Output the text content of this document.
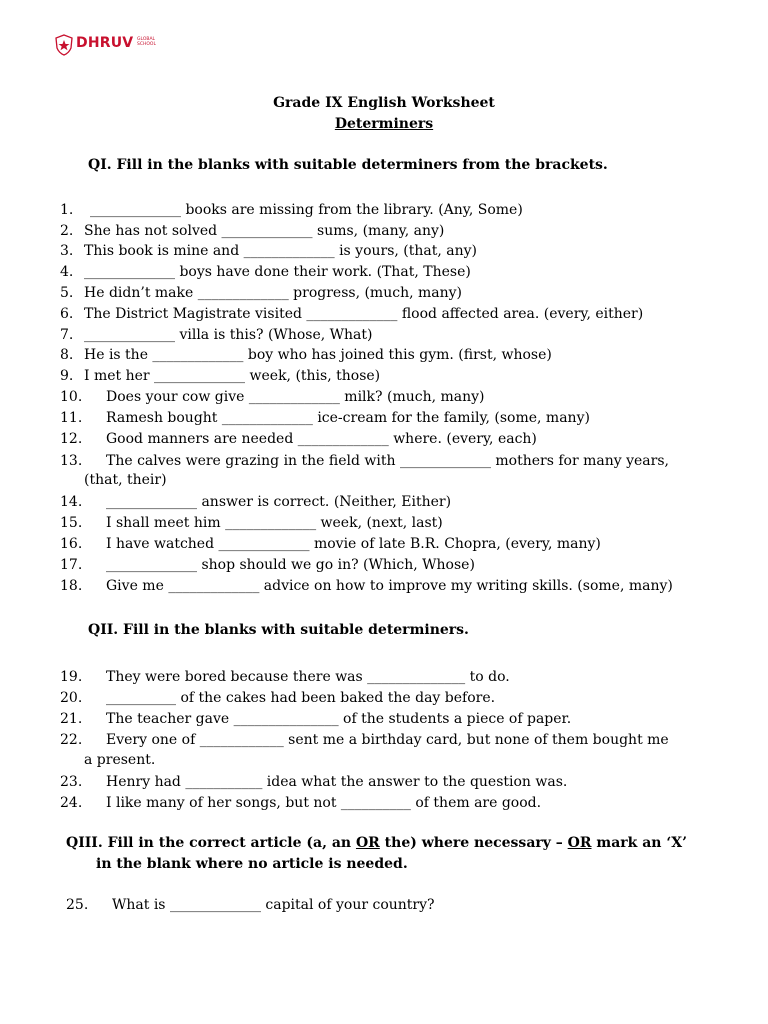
DHRUV GLOBAL SCHOOL
Grade IX English Worksheet
Determiners
QI. Fill in the blanks with suitable determiners from the brackets.
1. _____________ books are missing from the library. (Any, Some)
2. She has not solved _____________ sums, (many, any)
3. This book is mine and _____________ is yours, (that, any)
4. _____________ boys have done their work. (That, These)
5. He didn’t make _____________ progress, (much, many)
6. The District Magistrate visited _____________ flood affected area. (every, either)
7. _____________ villa is this? (Whose, What)
8. He is the _____________ boy who has joined this gym. (first, whose)
9. I met her _____________ week, (this, those)
10. Does your cow give _____________ milk? (much, many)
11. Ramesh bought _____________ ice-cream for the family, (some, many)
12. Good manners are needed _____________ where. (every, each)
13. The calves were grazing in the field with _____________ mothers for many years,
(that, their)
14. _____________ answer is correct. (Neither, Either)
15. I shall meet him _____________ week, (next, last)
16. I have watched _____________ movie of late B.R. Chopra, (every, many)
17. _____________ shop should we go in? (Which, Whose)
18. Give me _____________ advice on how to improve my writing skills. (some, many)
QII. Fill in the blanks with suitable determiners.
19. They were bored because there was ______________ to do.
20. __________ of the cakes had been baked the day before.
21. The teacher gave _______________ of the students a piece of paper.
22. Every one of ____________ sent me a birthday card, but none of them bought me
a present.
23. Henry had ___________ idea what the answer to the question was.
24. I like many of her songs, but not __________ of them are good.
QIII. Fill in the correct article (a, an OR the) where necessary – OR mark an ‘X’
in the blank where no article is needed.
25. What is _____________ capital of your country?
